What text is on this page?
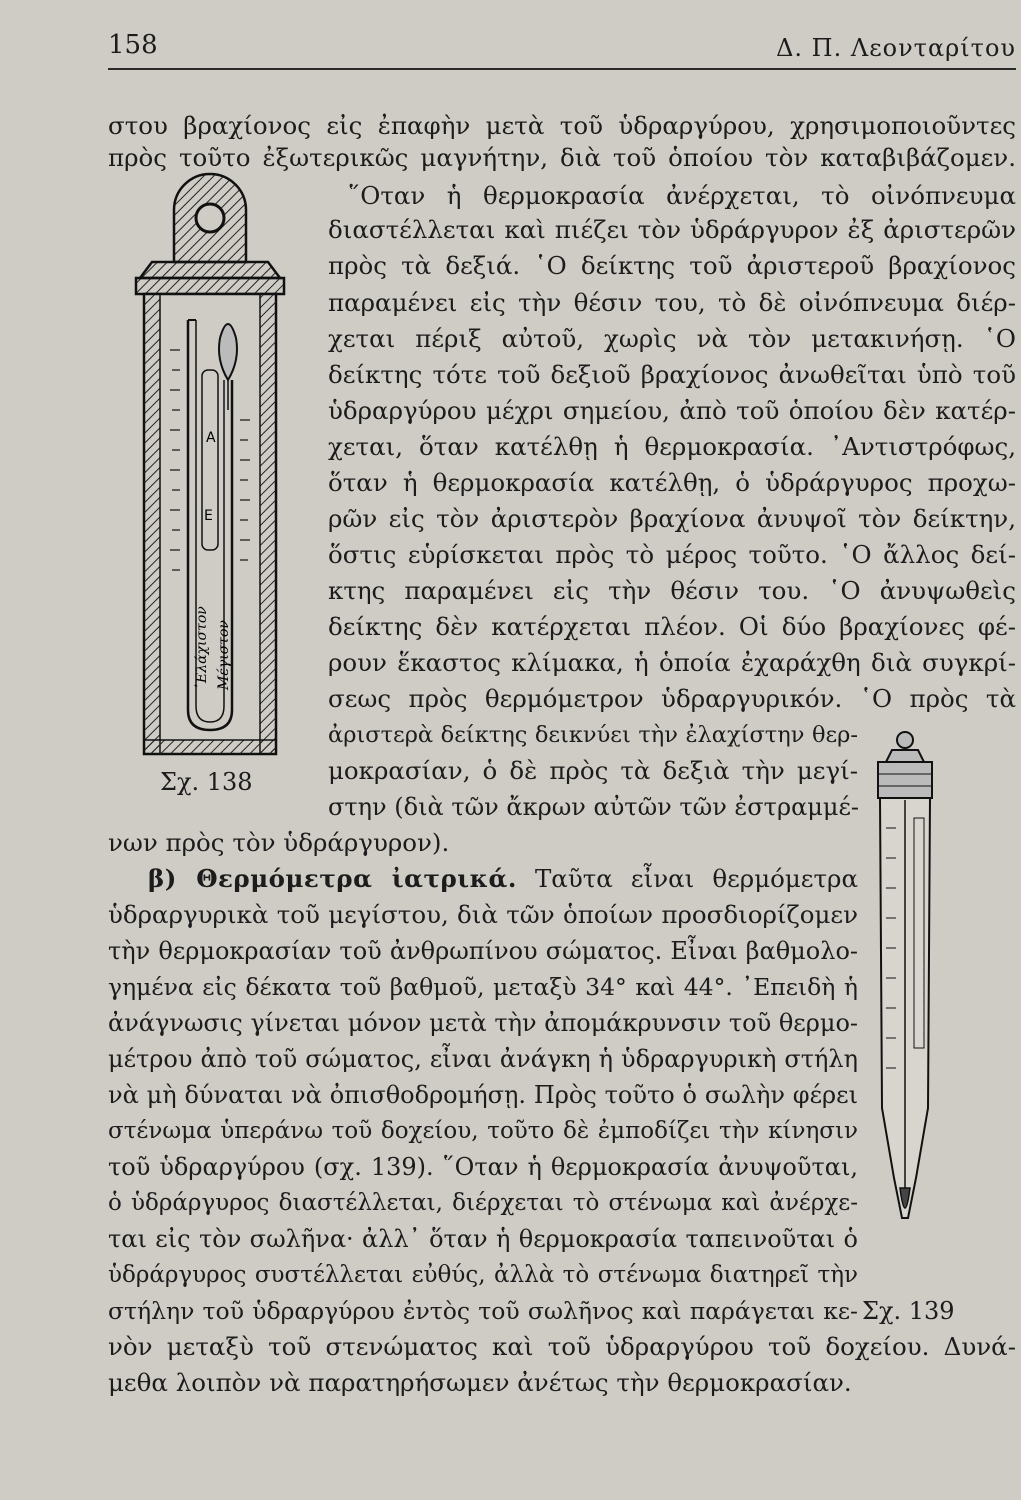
158	Δ. Π. Λεονταρίτου
A
E
᾿Ελάχιστον Μέγιστον
Σχ. 138
στου βραχίονος εἰς ἐπαφὴν μετὰ τοῦ ὑδραργύρου, χρησιμοποιοῦντες
πρὸς τοῦτο ἐξωτερικῶς μαγνήτην, διὰ τοῦ ὁποίου τὸν καταβιβάζομεν.
῞Οταν ἡ θερμοκρασία ἀνέρχεται, τὸ οἰνόπνευμα
διαστέλλεται καὶ πιέζει τὸν ὑδράργυρον ἐξ ἀριστερῶν
πρὸς τὰ δεξιά. ῾Ο δείκτης τοῦ ἀριστεροῦ βραχίονος
παραμένει εἰς τὴν θέσιν του, τὸ δὲ οἰνόπνευμα διέρ-
χεται πέριξ αὐτοῦ, χωρὶς νὰ τὸν μετακινήσῃ. ῾Ο
δείκτης τότε τοῦ δεξιοῦ βραχίονος ἀνωθεῖται ὑπὸ τοῦ
ὑδραργύρου μέχρι σημείου, ἀπὸ τοῦ ὁποίου δὲν κατέρ-
χεται, ὅταν κατέλθῃ ἡ θερμοκρασία. ᾿Αντιστρόφως,
ὅταν ἡ θερμοκρασία κατέλθῃ, ὁ ὑδράργυρος προχω-
ρῶν εἰς τὸν ἀριστερὸν βραχίονα ἀνυψοῖ τὸν δείκτην,
ὅστις εὑρίσκεται πρὸς τὸ μέρος τοῦτο. ῾Ο ἄλλος δεί-
κτης παραμένει εἰς τὴν θέσιν του. ῾Ο ἀνυψωθεὶς
δείκτης δὲν κατέρχεται πλέον. Οἱ δύο βραχίονες φέ-
ρουν ἕκαστος κλίμακα, ἡ ὁποία ἐχαράχθη διὰ συγκρί-
σεως πρὸς θερμόμετρον ὑδραργυρικόν. ῾Ο πρὸς τὰ
ἀριστερὰ δείκτης δεικνύει τὴν ἐλαχίστην θερ-
μοκρασίαν, ὁ δὲ πρὸς τὰ δεξιὰ τὴν μεγί-
στην (διὰ τῶν ἄκρων αὐτῶν τῶν ἐστραμμέ-
νων πρὸς τὸν ὑδράργυρον).
β) Θερμόμετρα ἰατρικά. Ταῦτα εἶναι θερμόμετρα
ὑδραργυρικὰ τοῦ μεγίστου, διὰ τῶν ὁποίων προσδιορίζομεν
τὴν θερμοκρασίαν τοῦ ἀνθρωπίνου σώματος. Εἶναι βαθμολο-
γημένα εἰς δέκατα τοῦ βαθμοῦ, μεταξὺ 34° καὶ 44°. ᾿Επειδὴ ἡ
ἀνάγνωσις γίνεται μόνον μετὰ τὴν ἀπομάκρυνσιν τοῦ θερμο-
μέτρου ἀπὸ τοῦ σώματος, εἶναι ἀνάγκη ἡ ὑδραργυρικὴ στήλη
νὰ μὴ δύναται νὰ ὀπισθοδρομήσῃ. Πρὸς τοῦτο ὁ σωλὴν φέρει
στένωμα ὑπεράνω τοῦ δοχείου, τοῦτο δὲ ἐμποδίζει τὴν κίνησιν
τοῦ ὑδραργύρου (σχ. 139). ῞Οταν ἡ θερμοκρασία ἀνυψοῦται,
ὁ ὑδράργυρος διαστέλλεται, διέρχεται τὸ στένωμα καὶ ἀνέρχε-
ται εἰς τὸν σωλῆνα· ἀλλ᾿ ὅταν ἡ θερμοκρασία ταπεινοῦται ὁ
ὑδράργυρος συστέλλεται εὐθύς, ἀλλὰ τὸ στένωμα διατηρεῖ τὴν
στήλην τοῦ ὑδραργύρου ἐντὸς τοῦ σωλῆνος καὶ παράγεται κε-
νὸν μεταξὺ τοῦ στενώματος καὶ τοῦ ὑδραργύρου τοῦ δοχείου. Δυνά-
μεθα λοιπὸν νὰ παρατηρήσωμεν ἀνέτως τὴν θερμοκρασίαν.
Σχ. 139
